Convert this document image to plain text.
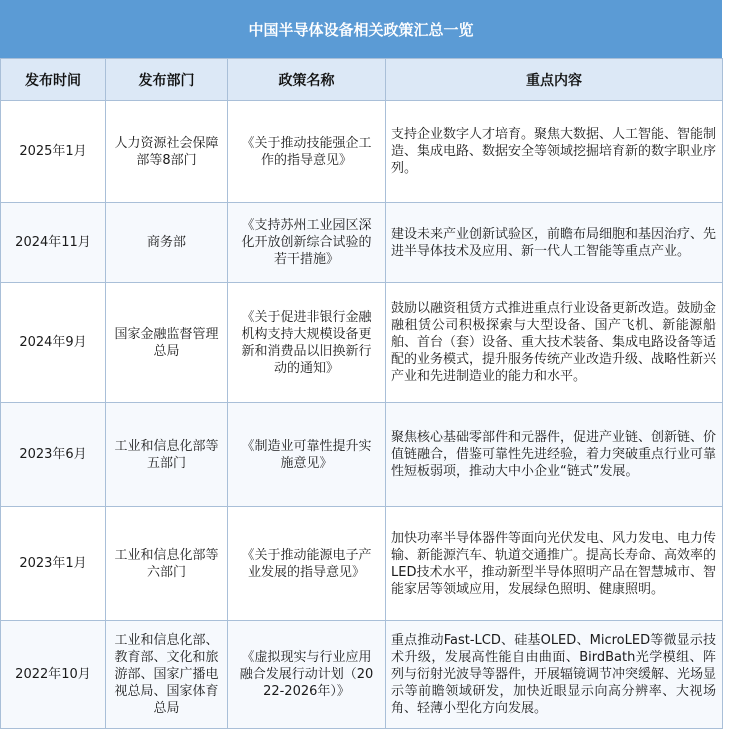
中国半导体设备相关政策汇总一览
发布时间	发布部门	政策名称	重点内容
2025年1月	人力资源社会保障部等8部门	《关于推动技能强企工作的指导意见》	支持企业数字人才培育。聚焦大数据、人工智能、智能制造、集成电路、数据安全等领域挖掘培育新的数字职业序列。
2024年11月	商务部	《支持苏州工业园区深化开放创新综合试验的若干措施》	建设未来产业创新试验区，前瞻布局细胞和基因治疗、先进半导体技术及应用、新一代人工智能等重点产业。
2024年9月	国家金融监督管理总局	《关于促进非银行金融机构支持大规模设备更新和消费品以旧换新行动的通知》	鼓励以融资租赁方式推进重点行业设备更新改造。鼓励金融租赁公司积极探索与大型设备、国产飞机、新能源船舶、首台（套）设备、重大技术装备、集成电路设备等适配的业务模式，提升服务传统产业改造升级、战略性新兴产业和先进制造业的能力和水平。
2023年6月	工业和信息化部等五部门	《制造业可靠性提升实施意见》	聚焦核心基础零部件和元器件，促进产业链、创新链、价值链融合，借鉴可靠性先进经验，着力突破重点行业可靠性短板弱项，推动大中小企业“链式”发展。
2023年1月	工业和信息化部等六部门	《关于推动能源电子产业发展的指导意见》	加快功率半导体器件等面向光伏发电、风力发电、电力传输、新能源汽车、轨道交通推广。提高长寿命、高效率的LED技术水平，推动新型半导体照明产品在智慧城市、智能家居等领域应用，发展绿色照明、健康照明。
2022年10月	工业和信息化部、教育部、文化和旅游部、国家广播电视总局、国家体育总局	《虚拟现实与行业应用融合发展行动计划（2022-2026年）》	重点推动Fast-LCD、硅基OLED、MicroLED等微显示技术升级，发展高性能自由曲面、BirdBath光学模组、阵列与衍射光波导等器件，开展辐镜调节冲突缓解、光场显示等前瞻领域研发，加快近眼显示向高分辨率、大视场角、轻薄小型化方向发展。
